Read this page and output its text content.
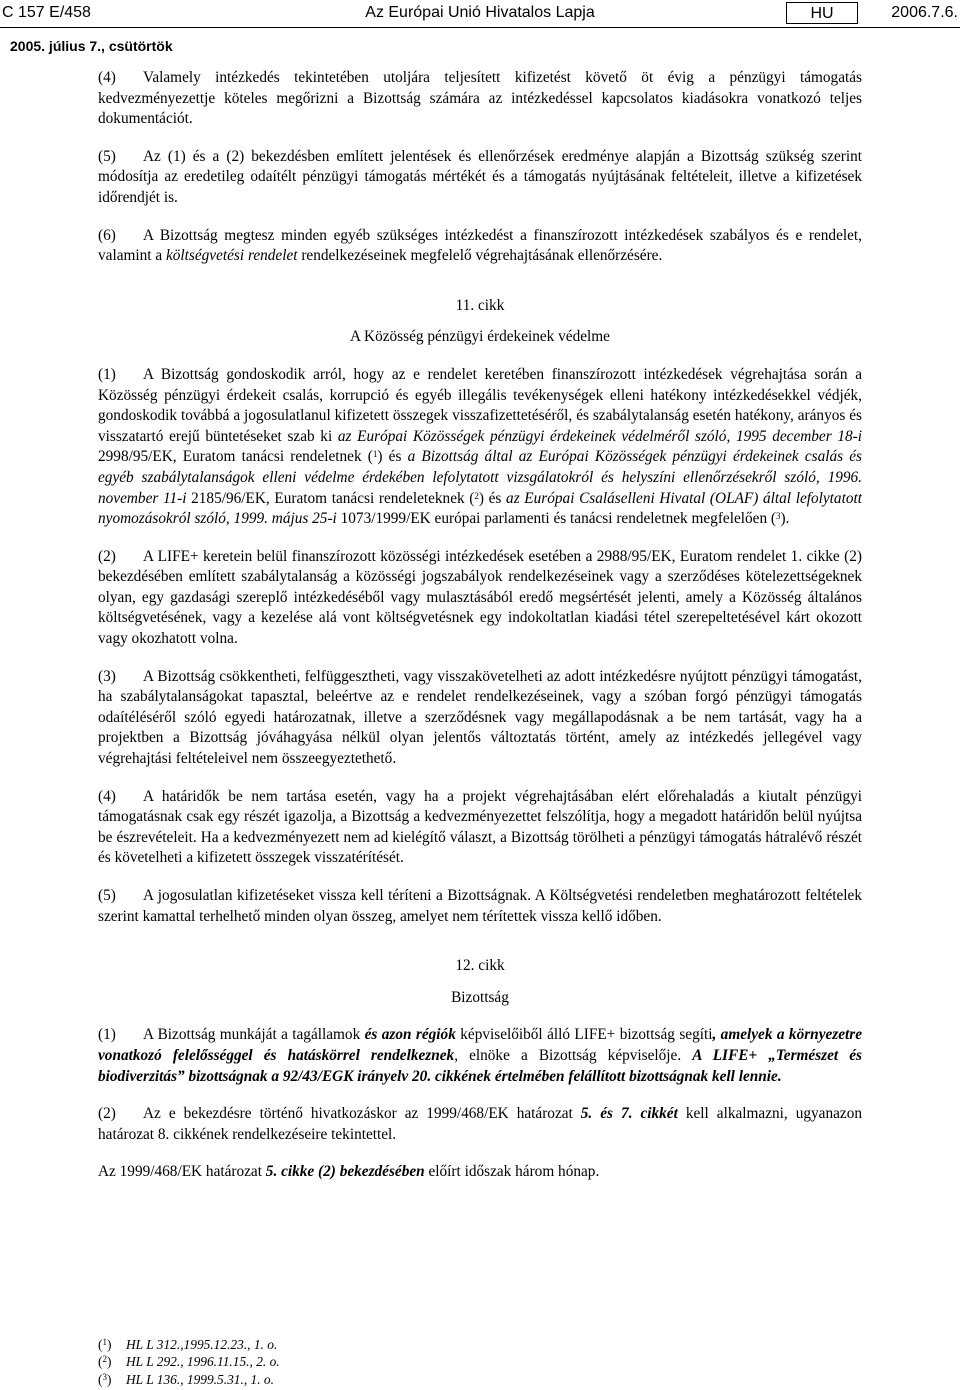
C 157 E/458	Az Európai Unió Hivatalos Lapja	HU	2006.7.6.
2005. július 7., csütörtök

(4) Valamely intézkedés tekintetében utoljára teljesített kifizetést követő öt évig a pénzügyi támogatás kedvezményezettje köteles megőrizni a Bizottság számára az intézkedéssel kapcsolatos kiadásokra vonatkozó teljes dokumentációt.

(5) Az (1) és a (2) bekezdésben említett jelentések és ellenőrzések eredménye alapján a Bizottság szükség szerint módosítja az eredetileg odaítélt pénzügyi támogatás mértékét és a támogatás nyújtásának feltételeit, illetve a kifizetések időrendjét is.

(6) A Bizottság megtesz minden egyéb szükséges intézkedést a finanszírozott intézkedések szabályos és e rendelet, valamint a költségvetési rendelet rendelkezéseinek megfelelő végrehajtásának ellenőrzésére.

11. cikk
A Közösség pénzügyi érdekeinek védelme

(1) A Bizottság gondoskodik arról, hogy az e rendelet keretében finanszírozott intézkedések végrehajtása során a Közösség pénzügyi érdekeit csalás, korrupció és egyéb illegális tevékenységek elleni hatékony intézkedésekkel védjék, gondoskodik továbbá a jogosulatlanul kifizetett összegek visszafizettetéséről, és szabálytalanság esetén hatékony, arányos és visszatartó erejű büntetéseket szab ki az Európai Közösségek pénzügyi érdekeinek védelméről szóló, 1995 december 18-i 2998/95/EK, Euratom tanácsi rendeletnek ($^1$) és a Bizottság által az Európai Közösségek pénzügyi érdekeinek csalás és egyéb szabálytalanságok elleni védelme érdekében lefolytatott vizsgálatokról és helyszíni ellenőrzésekről szóló, 1996. november 11-i 2185/96/EK, Euratom tanácsi rendeleteknek ($^2$) és az Európai Csaláselleni Hivatal (OLAF) által lefolytatott nyomozásokról szóló, 1999. május 25-i 1073/1999/EK európai parlamenti és tanácsi rendeletnek megfelelően ($^3$).

(2) A LIFE+ keretein belül finanszírozott közösségi intézkedések esetében a 2988/95/EK, Euratom rendelet 1. cikke (2) bekezdésében említett szabálytalanság a közösségi jogszabályok rendelkezéseinek vagy a szerződéses kötelezettségeknek olyan, egy gazdasági szereplő intézkedéséből vagy mulasztásából eredő megsértését jelenti, amely a Közösség általános költségvetésének, vagy a kezelése alá vont költségvetésnek egy indokoltatlan kiadási tétel szerepeltetésével kárt okozott vagy okozhatott volna.

(3) A Bizottság csökkentheti, felfüggesztheti, vagy visszakövetelheti az adott intézkedésre nyújtott pénzügyi támogatást, ha szabálytalanságokat tapasztal, beleértve az e rendelet rendelkezéseinek, vagy a szóban forgó pénzügyi támogatás odaítéléséről szóló egyedi határozatnak, illetve a szerződésnek vagy megállapodásnak a be nem tartását, vagy ha a projektben a Bizottság jóváhagyása nélkül olyan jelentős változtatás történt, amely az intézkedés jellegével vagy végrehajtási feltételeivel nem összeegyeztethető.

(4) A határidők be nem tartása esetén, vagy ha a projekt végrehajtásában elért előrehaladás a kiutalt pénzügyi támogatásnak csak egy részét igazolja, a Bizottság a kedvezményezettet felszólítja, hogy a megadott határidőn belül nyújtsa be észrevételeit. Ha a kedvezményezett nem ad kielégítő választ, a Bizottság törölheti a pénzügyi támogatás hátralévő részét és követelheti a kifizetett összegek visszatérítését.

(5) A jogosulatlan kifizetéseket vissza kell téríteni a Bizottságnak. A Költségvetési rendeletben meghatározott feltételek szerint kamattal terhelhető minden olyan összeg, amelyet nem térítettek vissza kellő időben.

12. cikk
Bizottság

(1) A Bizottság munkáját a tagállamok és azon régiók képviselőiből álló LIFE+ bizottság segíti, amelyek a környezetre vonatkozó felelősséggel és hatáskörrel rendelkeznek, elnöke a Bizottság képviselője. A LIFE+ „Természet és biodiverzitás” bizottságnak a 92/43/EGK irányelv 20. cikkének értelmében felállított bizottságnak kell lennie.

(2) Az e bekezdésre történő hivatkozáskor az 1999/468/EK határozat 5. és 7. cikkét kell alkalmazni, ugyanazon határozat 8. cikkének rendelkezéseire tekintettel.

Az 1999/468/EK határozat 5. cikke (2) bekezdésében előírt időszak három hónap.

($^1$) HL L 312.,1995.12.23., 1. o.
($^2$) HL L 292., 1996.11.15., 2. o.
($^3$) HL L 136., 1999.5.31., 1. o.
